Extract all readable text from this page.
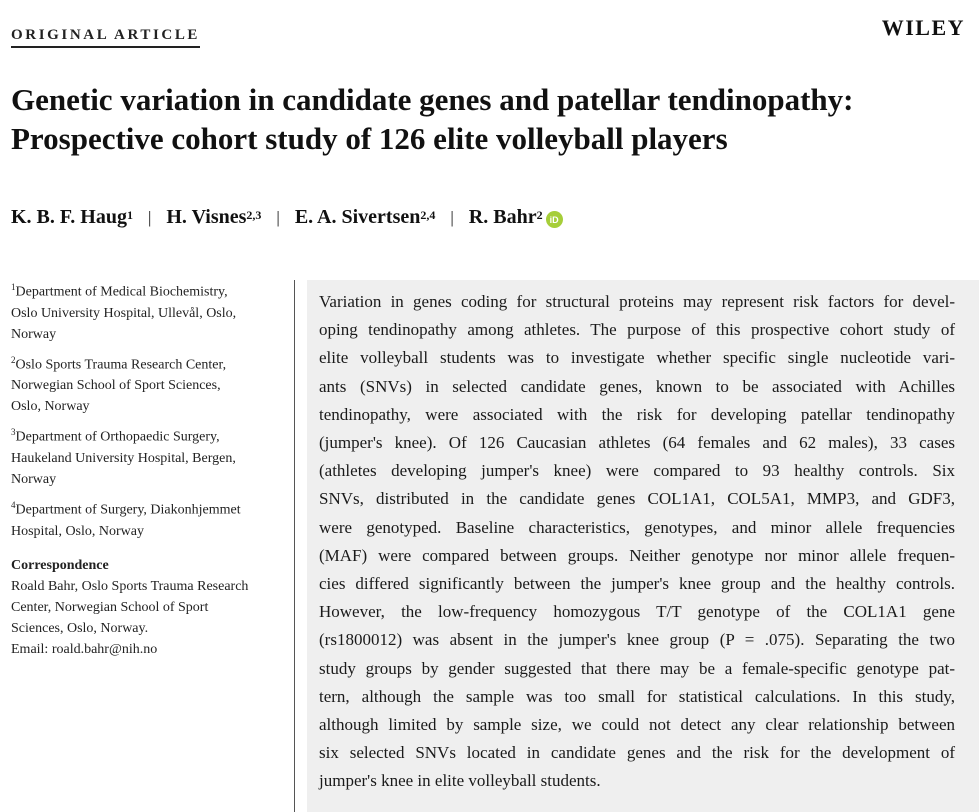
ORIGINAL ARTICLE	WILEY
Genetic variation in candidate genes and patellar tendinopathy:
Prospective cohort study of 126 elite volleyball players
K. B. F. Haug$^1$ | H. Visnes$^{2,3}$ | E. A. Sivertsen$^{2,4}$ | R. Bahr$^2$ iD
$^1$Department of Medical Biochemistry,
Oslo University Hospital, Ullevål, Oslo,
Norway
$^2$Oslo Sports Trauma Research Center,
Norwegian School of Sport Sciences,
Oslo, Norway
$^3$Department of Orthopaedic Surgery,
Haukeland University Hospital, Bergen,
Norway
$^4$Department of Surgery, Diakonhjemmet
Hospital, Oslo, Norway
Correspondence
Roald Bahr, Oslo Sports Trauma Research
Center, Norwegian School of Sport
Sciences, Oslo, Norway.
Email: roald.bahr@nih.no
Variation in genes coding for structural proteins may represent risk factors for devel-
oping tendinopathy among athletes. The purpose of this prospective cohort study of
elite volleyball students was to investigate whether specific single nucleotide vari-
ants (SNVs) in selected candidate genes, known to be associated with Achilles
tendinopathy, were associated with the risk for developing patellar tendinopathy
(jumper's knee). Of 126 Caucasian athletes (64 females and 62 males), 33 cases
(athletes developing jumper's knee) were compared to 93 healthy controls. Six
SNVs, distributed in the candidate genes COL1A1, COL5A1, MMP3, and GDF3,
were genotyped. Baseline characteristics, genotypes, and minor allele frequencies
(MAF) were compared between groups. Neither genotype nor minor allele frequen-
cies differed significantly between the jumper's knee group and the healthy controls.
However, the low-frequency homozygous T/T genotype of the COL1A1 gene
(rs1800012) was absent in the jumper's knee group (P = .075). Separating the two
study groups by gender suggested that there may be a female-specific genotype pat-
tern, although the sample was too small for statistical calculations. In this study,
although limited by sample size, we could not detect any clear relationship between
six selected SNVs located in candidate genes and the risk for the development of
jumper's knee in elite volleyball students.
